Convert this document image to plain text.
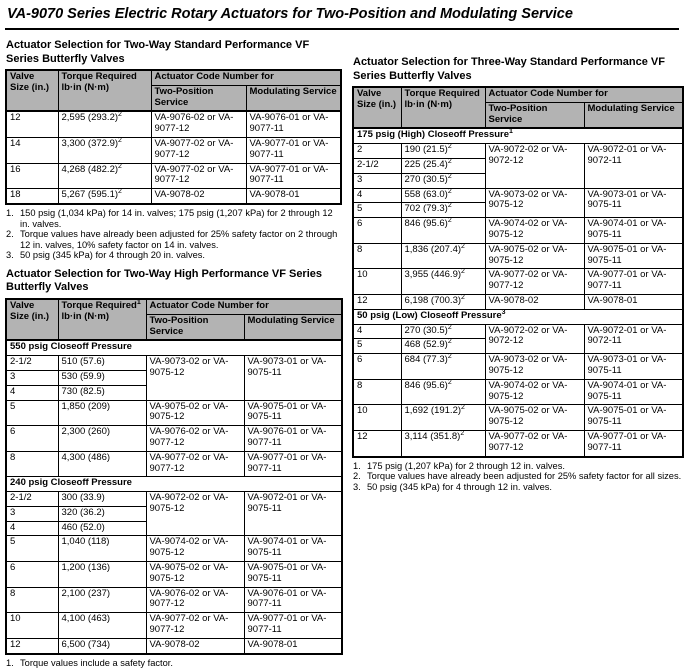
VA-9070 Series Electric Rotary Actuators for Two-Position and Modulating Service
Actuator Selection for Two-Way Standard Performance VF
Series Butterfly Valves
Valve Size (in.)	Torque Required lb·in (N·m)	Actuator Code Number for	
		Two-Position Service	Modulating Service
12	2,595 $(293.2)^2$	VA-9076-02 or VA-9077-12	VA-9076-01 or VA-9077-11
14	3,300 $(372.9)^2$	VA-9077-02 or VA-9077-12	VA-9077-01 or VA-9077-11
16	4,268 $(482.2)^2$	VA-9077-02 or VA-9077-12	VA-9077-01 or VA-9077-11
18	5,267 $(595.1)^2$	VA-9078-02	VA-9078-01
1. 150 psig (1,034 kPa) for 14 in. valves; 175 psig (1,207 kPa) for 2 through 12 in. valves.
2. Torque values have already been adjusted for 25% safety factor on 2 through 12 in. valves, 10% safety factor on 14 in. valves.
3. 50 psig (345 kPa) for 4 through 20 in. valves.
Actuator Selection for Two-Way High Performance VF Series
Butterfly Valves
Valve Size (in.)	Torque Required$^1$ lb·in (N·m)	Actuator Code Number for	
		Two-Position Service	Modulating Service
550 psig Closeoff Pressure			
2-1/2	510 (57.6)	VA-9073-02 or VA-9075-12	VA-9073-01 or VA-9075-11
3	530 (59.9)		
4	730 (82.5)		
5	1,850 (209)	VA-9075-02 or VA-9075-12	VA-9075-01 or VA-9075-11
6	2,300 (260)	VA-9076-02 or VA-9077-12	VA-9076-01 or VA-9077-11
8	4,300 (486)	VA-9077-02 or VA-9077-12	VA-9077-01 or VA-9077-11
240 psig Closeoff Pressure			
2-1/2	300 (33.9)	VA-9072-02 or VA-9075-12	VA-9072-01 or VA-9075-11
3	320 (36.2)		
4	460 (52.0)		
5	1,040 (118)	VA-9074-02 or VA-9075-12	VA-9074-01 or VA-9075-11
6	1,200 (136)	VA-9075-02 or VA-9075-12	VA-9075-01 or VA-9075-11
8	2,100 (237)	VA-9076-02 or VA-9077-12	VA-9076-01 or VA-9077-11
10	4,100 (463)	VA-9077-02 or VA-9077-12	VA-9077-01 or VA-9077-11
12	6,500 (734)	VA-9078-02	VA-9078-01
1. Torque values include a safety factor.
Actuator Selection for Three-Way Standard Performance VF
Series Butterfly Valves
Valve Size (in.)	Torque Required lb·in (N·m)	Actuator Code Number for	
		Two-Position Service	Modulating Service
175 psig (High) Closeoff Pressure$^1$
2	190 $(21.5)^2$	VA-9072-02 or VA-9072-12	VA-9072-01 or VA-9072-11
2-1/2	225 $(25.4)^2$
3	270 $(30.5)^2$
4	558 $(63.0)^2$	VA-9073-02 or VA-9075-12	VA-9073-01 or VA-9075-11
5	702 $(79.3)^2$
6	846 $(95.6)^2$	VA-9074-02 or VA-9075-12	VA-9074-01 or VA-9075-11
8	1,836 $(207.4)^2$	VA-9075-02 or VA-9075-12	VA-9075-01 or VA-9075-11
10	3,955 $(446.9)^2$	VA-9077-02 or VA-9077-12	VA-9077-01 or VA-9077-11
12	6,198 $(700.3)^2$	VA-9078-02	VA-9078-01
50 psig (Low) Closeoff Pressure$^3$
4	270 $(30.5)^2$	VA-9072-02 or VA-9072-12	VA-9072-01 or VA-9072-11
5	468 $(52.9)^2$
6	684 $(77.3)^2$	VA-9073-02 or VA-9075-12	VA-9073-01 or VA-9075-11
8	846 $(95.6)^2$	VA-9074-02 or VA-9075-12	VA-9074-01 or VA-9075-11
10	1,692 $(191.2)^2$	VA-9075-02 or VA-9075-12	VA-9075-01 or VA-9075-11
12	3,114 $(351.8)^2$	VA-9077-02 or VA-9077-12	VA-9077-01 or VA-9077-11
1. 175 psig (1,207 kPa) for 2 through 12 in. valves.
2. Torque values have already been adjusted for 25% safety factor for all sizes.
3. 50 psig (345 kPa) for 4 through 12 in. valves.
